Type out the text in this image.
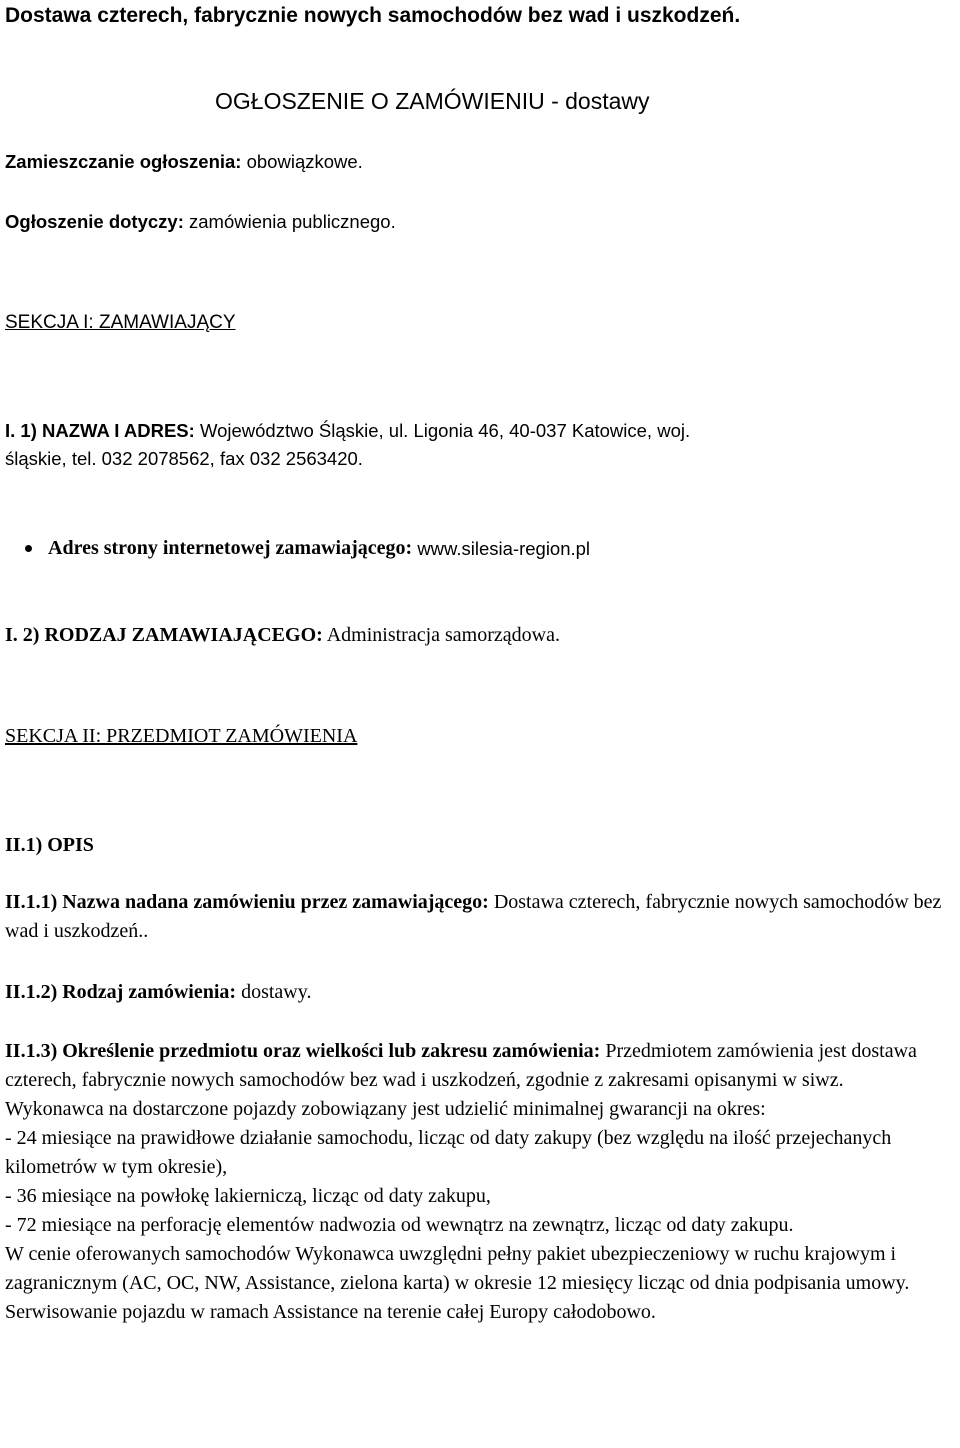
Dostawa czterech, fabrycznie nowych samochodów bez wad i uszkodzeń.
OGŁOSZENIE O ZAMÓWIENIU - dostawy

Zamieszczanie ogłoszenia: obowiązkowe.

Ogłoszenie dotyczy: zamówienia publicznego.

SEKCJA I: ZAMAWIAJĄCY

I. 1) NAZWA I ADRES: Województwo Śląskie, ul. Ligonia 46, 40-037 Katowice, woj.

śląskie, tel. 032 2078562, fax 032 2563420.

Adres strony internetowej zamawiającego:
www.silesia-region.pl

I. 2) RODZAJ ZAMAWIAJĄCEGO: Administracja samorządowa.

SEKCJA II: PRZEDMIOT ZAMÓWIENIA

II.1) OPIS

II.1.1) Nazwa nadana zamówieniu przez zamawiającego: Dostawa czterech, fabrycznie nowych samochodów bez wad i uszkodzeń..

II.1.2) Rodzaj zamówienia: dostawy.

II.1.3) Określenie przedmiotu oraz wielkości lub zakresu zamówienia: Przedmiotem zamówienia jest dostawa czterech, fabrycznie nowych samochodów bez wad i uszkodzeń, zgodnie z zakresami opisanymi w siwz.

Wykonawca na dostarczone pojazdy zobowiązany jest udzielić minimalnej gwarancji na okres:

- 24 miesiące na prawidłowe działanie samochodu, licząc od daty zakupy (bez względu na ilość przejechanych kilometrów w tym okresie),

- 36 miesiące na powłokę lakierniczą, licząc od daty zakupu,

- 72 miesiące na perforację elementów nadwozia od wewnątrz na zewnątrz, licząc od daty zakupu.

W cenie oferowanych samochodów Wykonawca uwzględni pełny pakiet ubezpieczeniowy w ruchu krajowym i zagranicznym (AC, OC, NW, Assistance, zielona karta) w okresie 12 miesięcy licząc od dnia podpisania umowy. Serwisowanie pojazdu w ramach Assistance na terenie całej Europy całodobowo.
